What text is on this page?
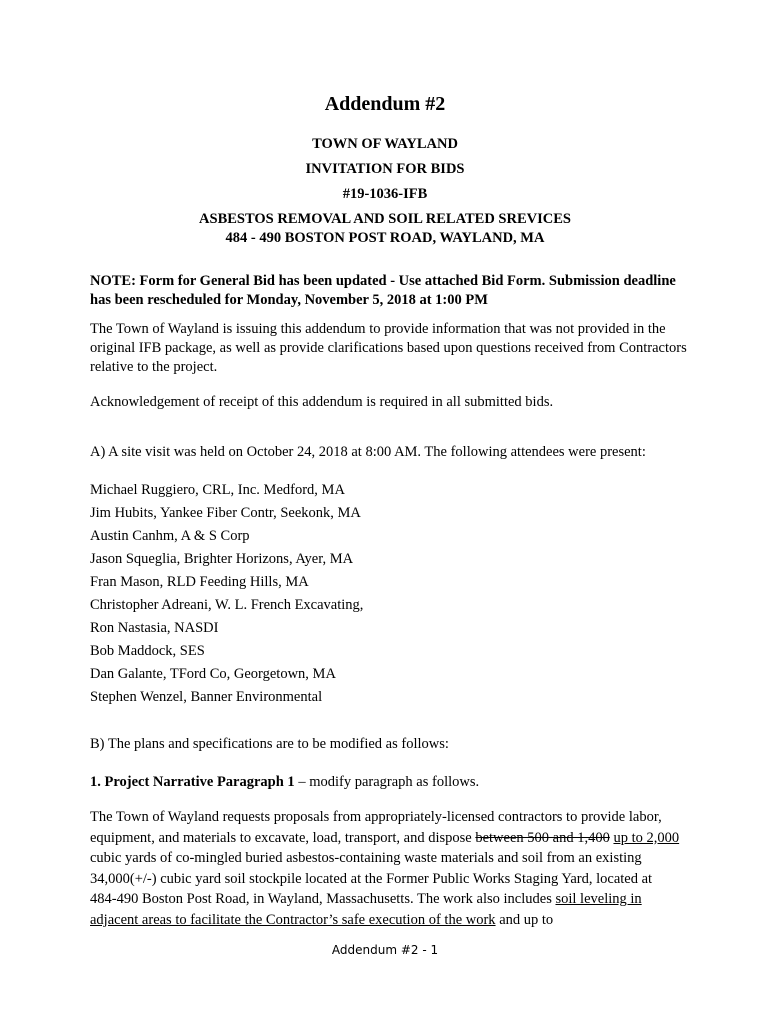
Addendum #2
TOWN OF WAYLAND
INVITATION FOR BIDS
#19-1036-IFB
ASBESTOS REMOVAL AND SOIL RELATED SREVICES
484 - 490 BOSTON POST ROAD, WAYLAND, MA
NOTE: Form for General Bid has been updated - Use attached Bid Form. Submission deadline has been rescheduled for Monday, November 5, 2018 at 1:00 PM
The Town of Wayland is issuing this addendum to provide information that was not provided in the original IFB package, as well as provide clarifications based upon questions received from Contractors relative to the project.
Acknowledgement of receipt of this addendum is required in all submitted bids.
A) A site visit was held on October 24, 2018 at 8:00 AM. The following attendees were present:
Michael Ruggiero, CRL, Inc. Medford, MA
Jim Hubits, Yankee Fiber Contr, Seekonk, MA
Austin Canhm, A & S Corp
Jason Squeglia, Brighter Horizons, Ayer, MA
Fran Mason, RLD Feeding Hills, MA
Christopher Adreani, W. L. French Excavating,
Ron Nastasia, NASDI
Bob Maddock, SES
Dan Galante, TFord Co, Georgetown, MA
Stephen Wenzel, Banner Environmental
B) The plans and specifications are to be modified as follows:
1. Project Narrative Paragraph 1 – modify paragraph as follows.
The Town of Wayland requests proposals from appropriately-licensed contractors to provide labor, equipment, and materials to excavate, load, transport, and dispose between 500 and 1,400 up to 2,000 cubic yards of co-mingled buried asbestos-containing waste materials and soil from an existing 34,000(+/-) cubic yard soil stockpile located at the Former Public Works Staging Yard, located at 484-490 Boston Post Road, in Wayland, Massachusetts. The work also includes soil leveling in adjacent areas to facilitate the Contractor’s safe execution of the work and up to
Addendum #2 - 1
